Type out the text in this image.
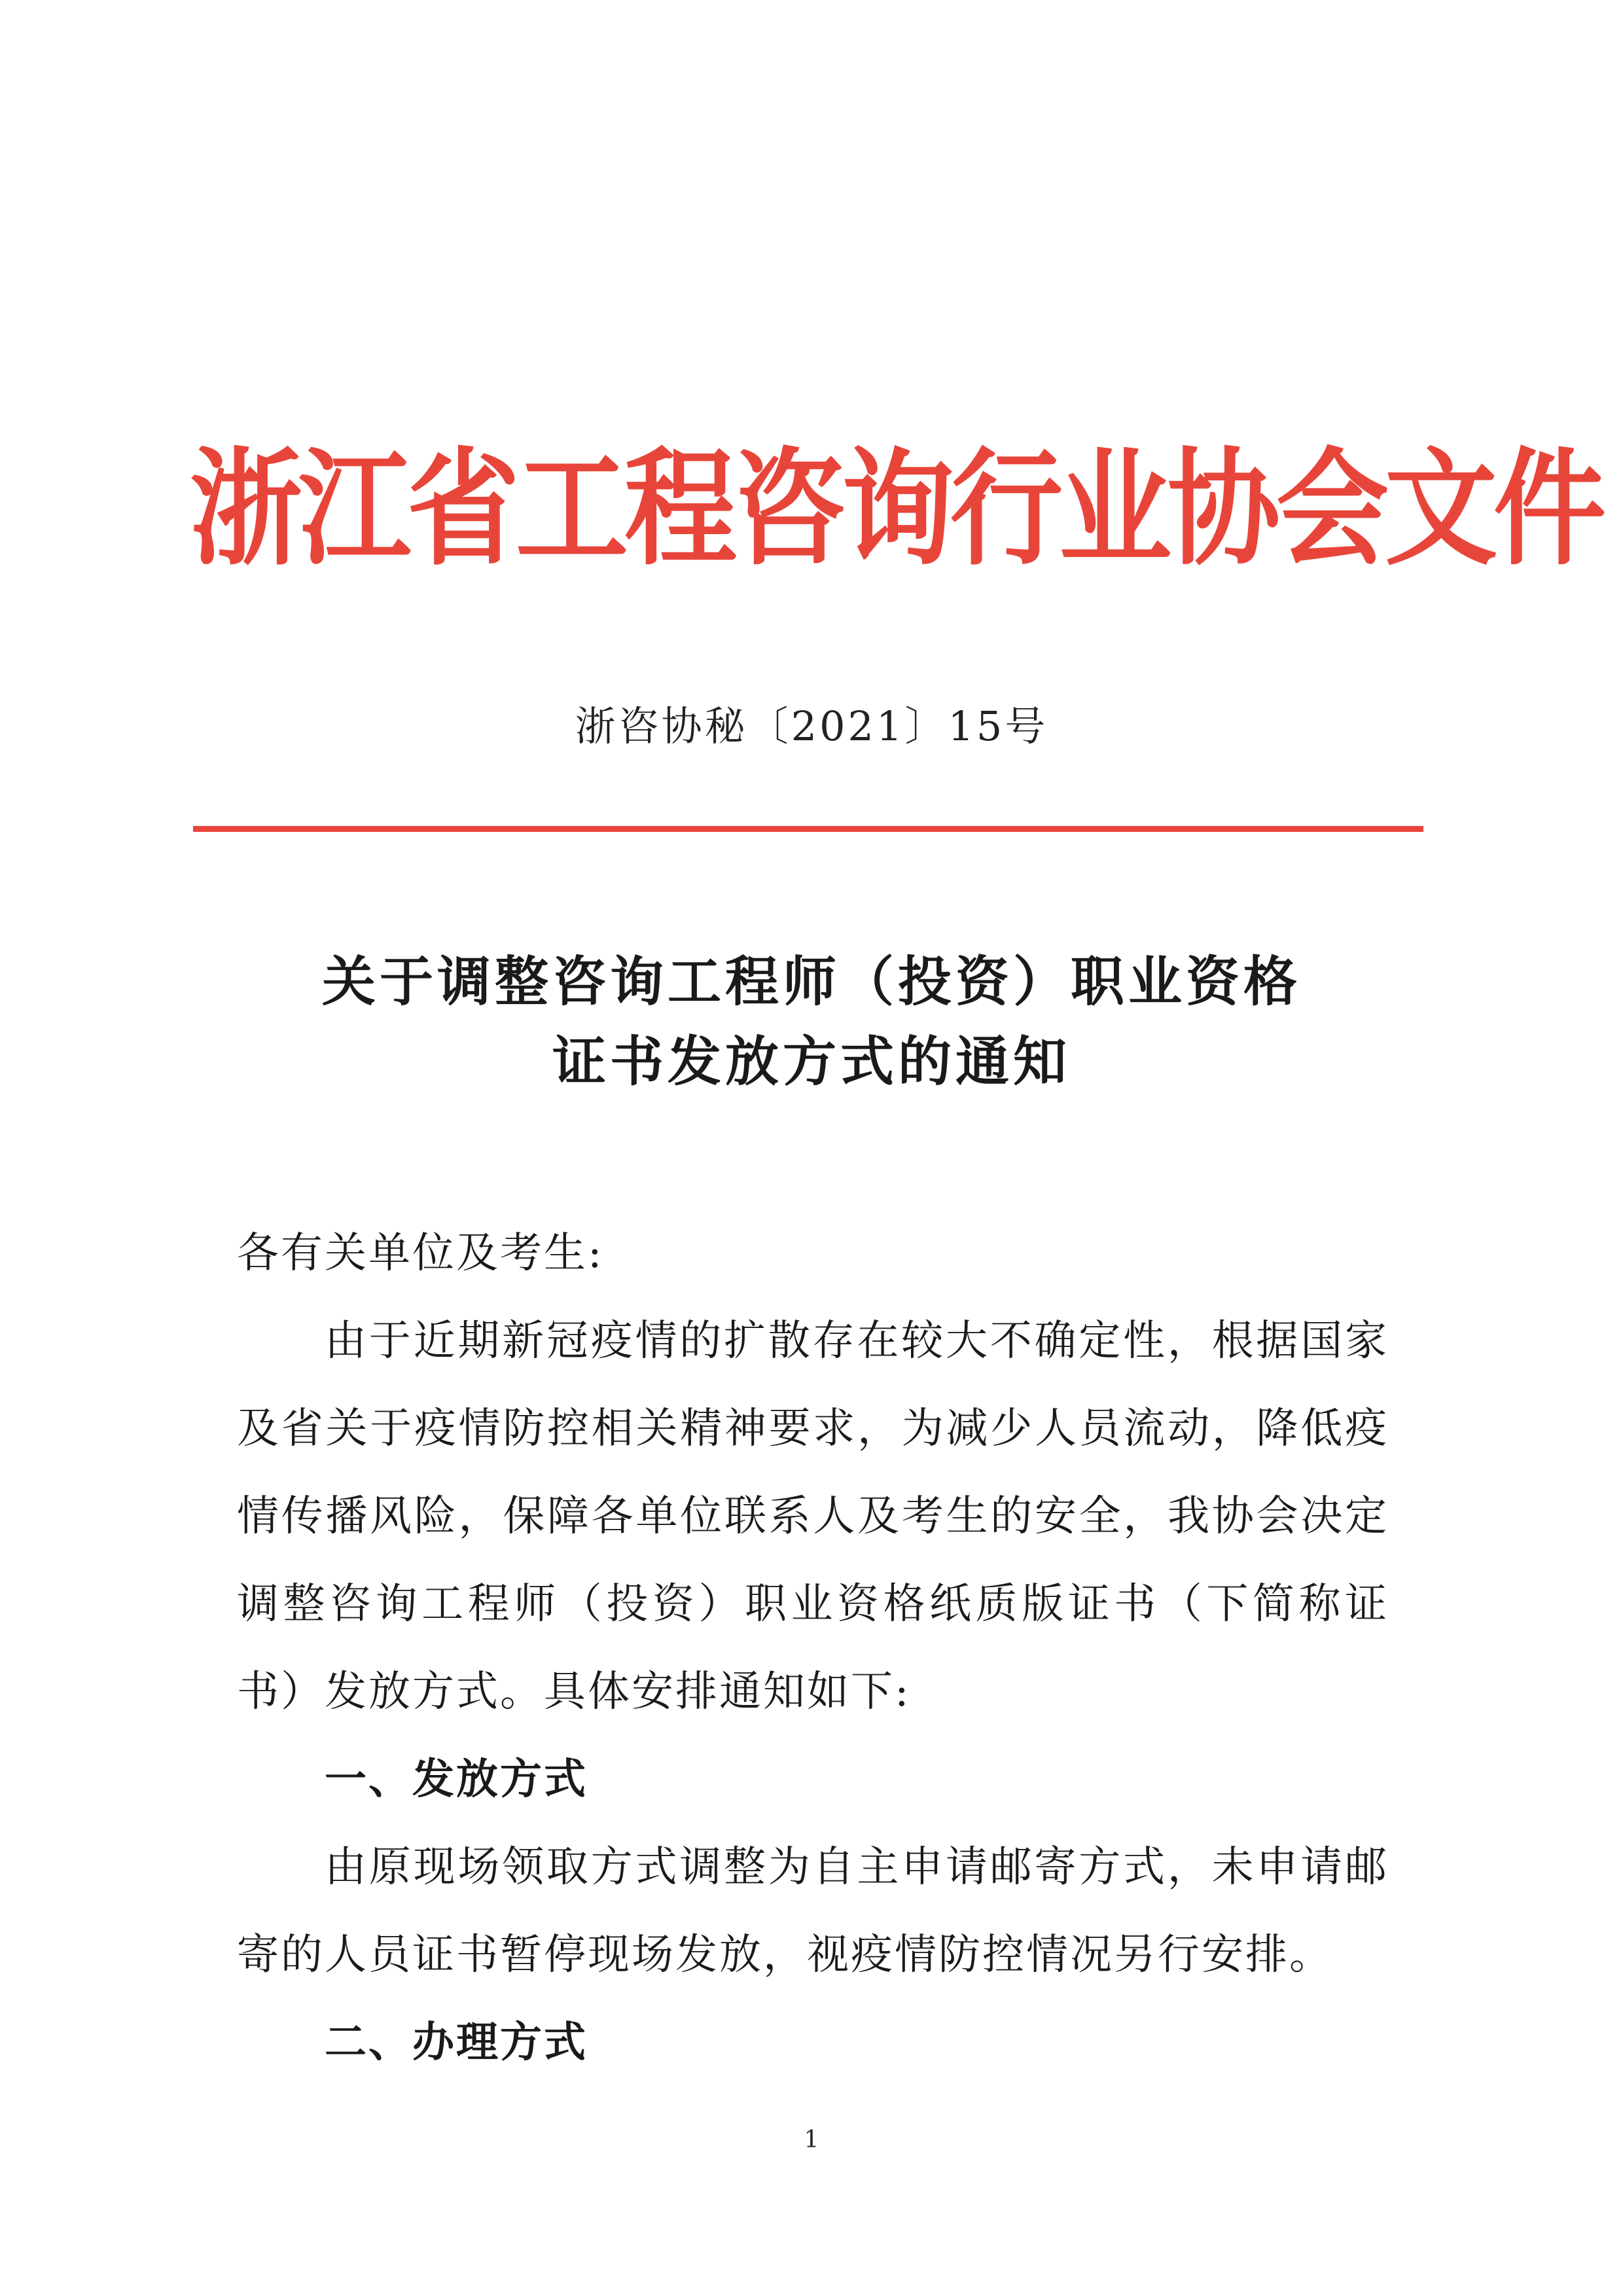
浙江省工程咨询行业协会文件
浙咨协秘〔2021〕15号
关于调整咨询工程师（投资）职业资格
证书发放方式的通知

各有关单位及考生:

由于近期新冠疫情的扩散存在较大不确定性，根据国家及省关于疫情防控相关精神要求，为减少人员流动，降低疫情传播风险，保障各单位联系人及考生的安全，我协会决定调整咨询工程师（投资）职业资格纸质版证书（下简称证书）发放方式。具体安排通知如下:

一、发放方式

由原现场领取方式调整为自主申请邮寄方式，未申请邮寄的人员证书暂停现场发放，视疫情防控情况另行安排。

二、办理方式

1
